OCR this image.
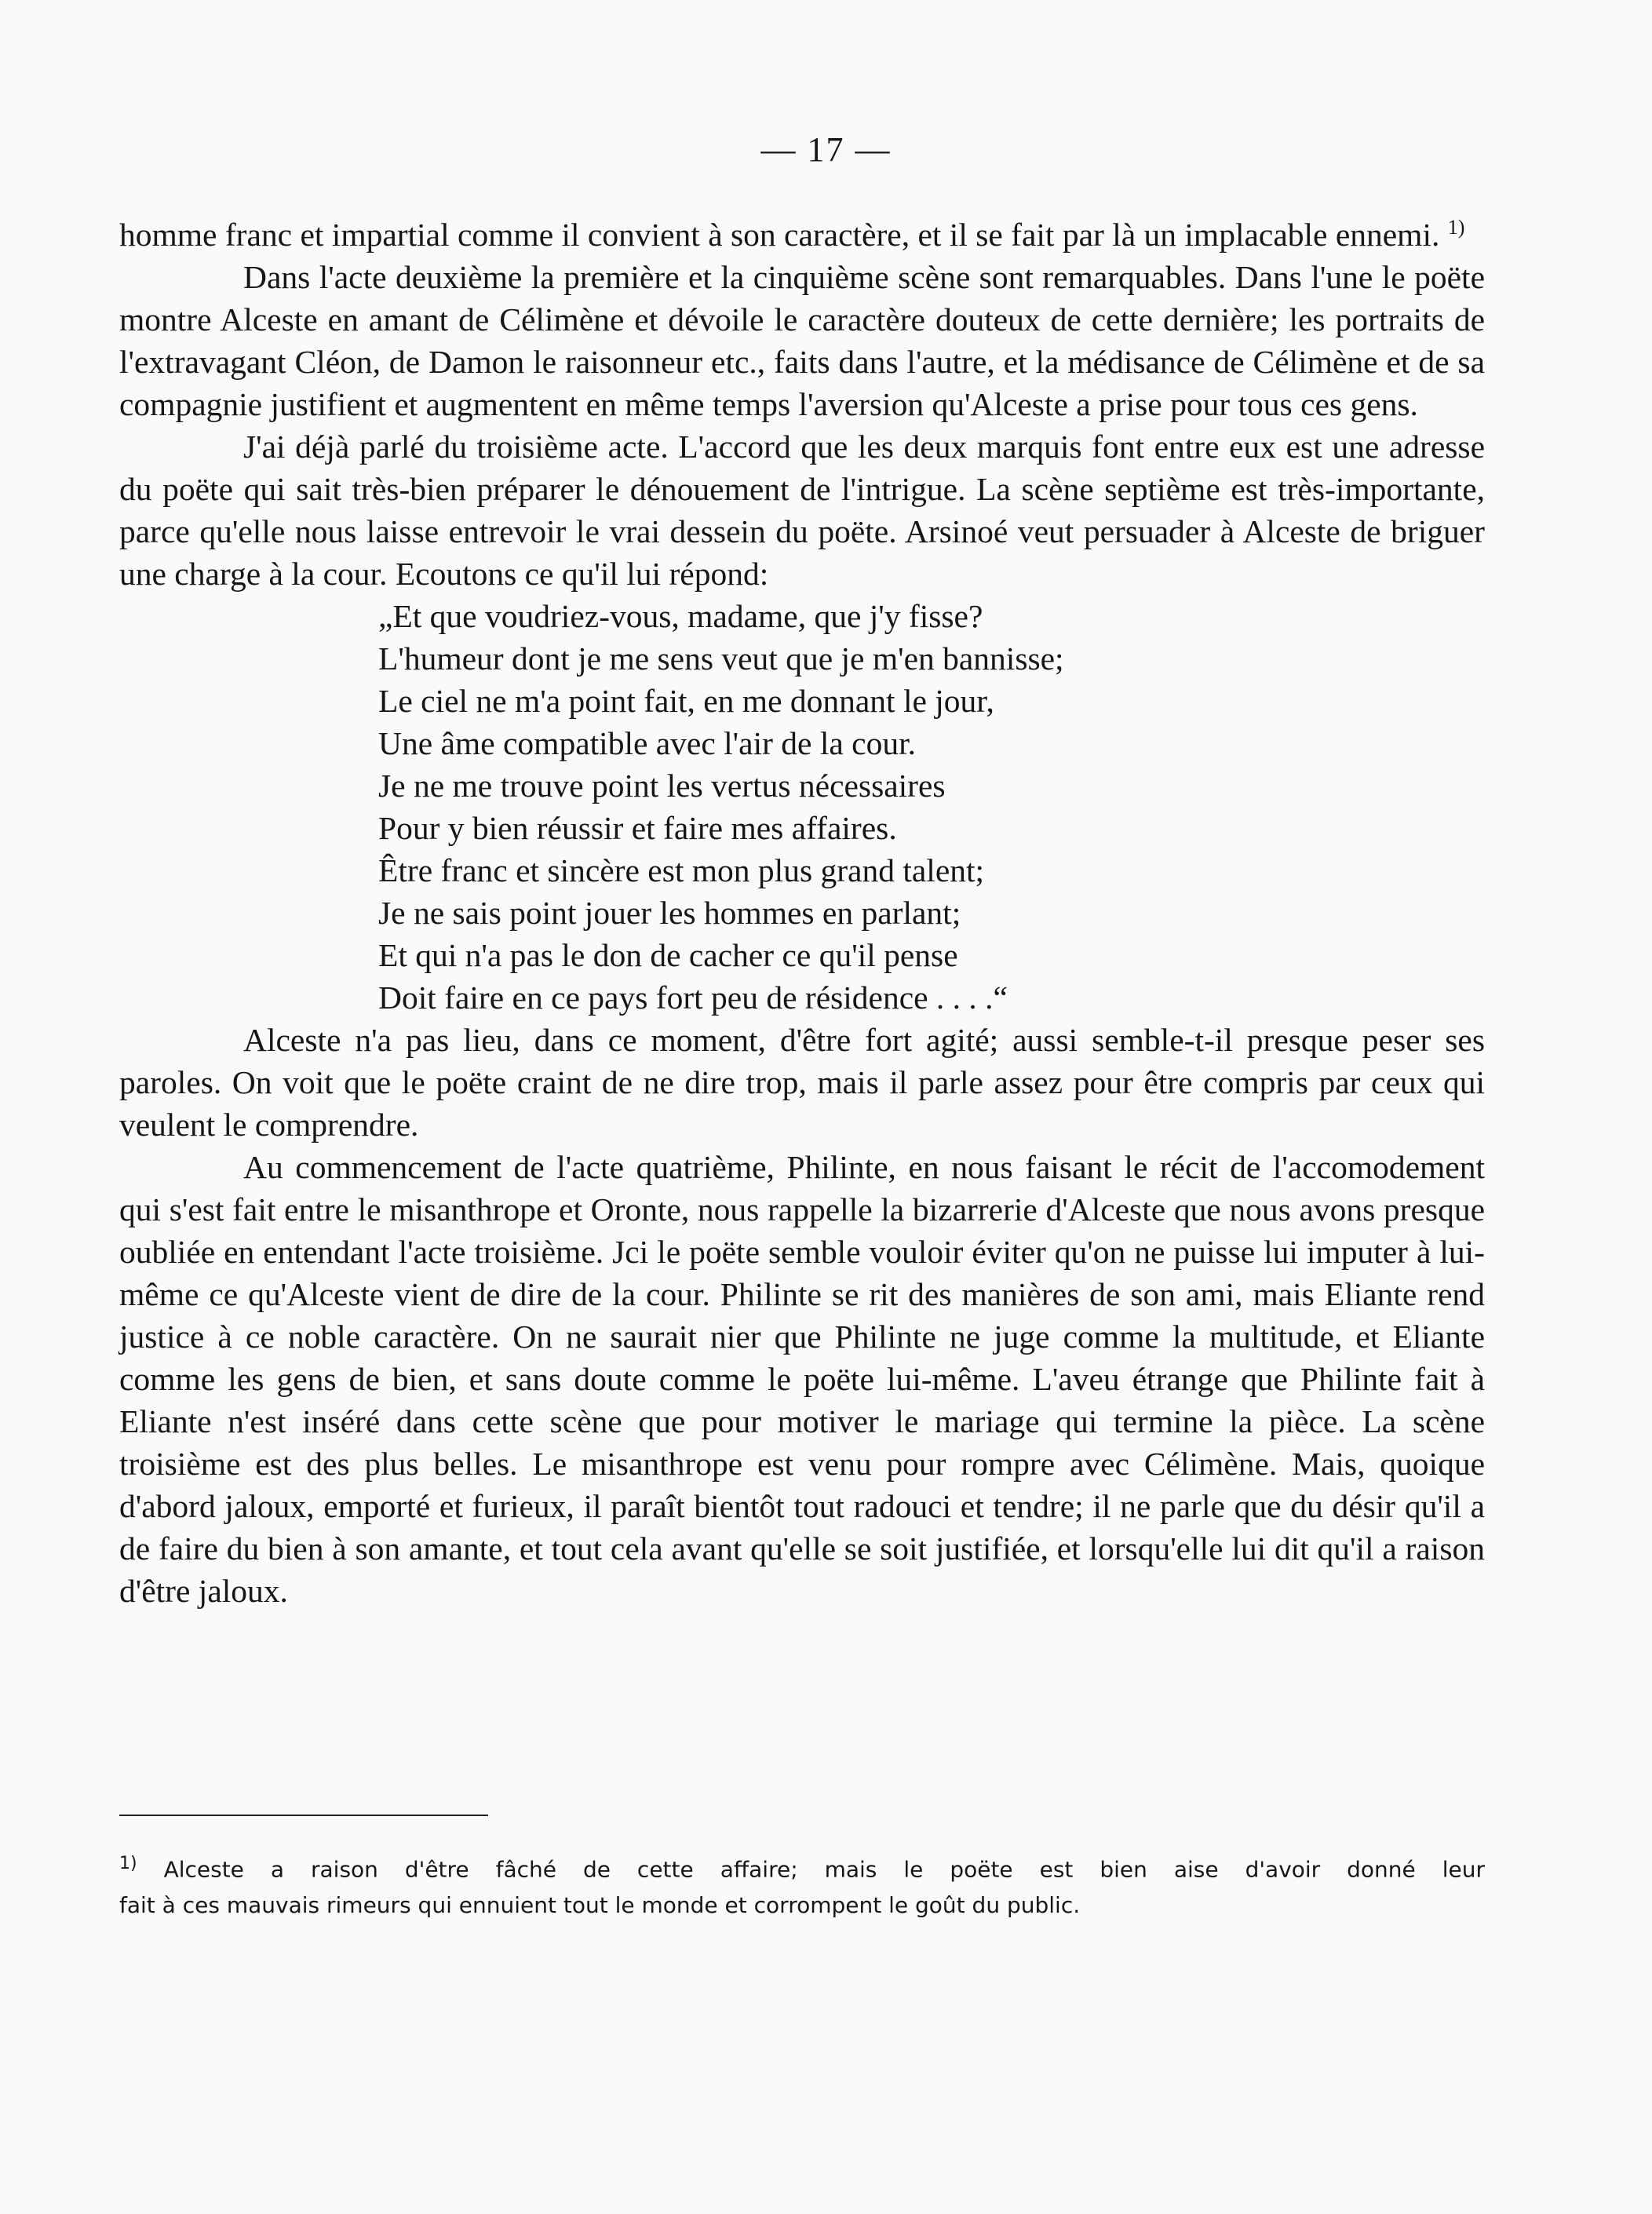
— 17 —

homme franc et impartial comme il convient à son caractère, et il se fait par là un implacable ennemi. $^{1)}$

Dans l'acte deuxième la première et la cinquième scène sont remarquables. Dans l'une le poëte montre Alceste en amant de Célimène et dévoile le caractère douteux de cette dernière; les portraits de l'extravagant Cléon, de Damon le raisonneur etc., faits dans l'autre, et la médisance de Célimène et de sa compagnie justifient et augmentent en même temps l'aversion qu'Alceste a prise pour tous ces gens.

J'ai déjà parlé du troisième acte. L'accord que les deux marquis font entre eux est une adresse du poëte qui sait très-bien préparer le dénouement de l'intrigue. La scène septième est très-importante, parce qu'elle nous laisse entrevoir le vrai dessein du poëte. Arsinoé veut persuader à Alceste de briguer une charge à la cour. Ecoutons ce qu'il lui répond:

„Et que voudriez-vous, madame, que j'y fisse?
L'humeur dont je me sens veut que je m'en bannisse;
Le ciel ne m'a point fait, en me donnant le jour,
Une âme compatible avec l'air de la cour.
Je ne me trouve point les vertus nécessaires
Pour y bien réussir et faire mes affaires.
Être franc et sincère est mon plus grand talent;
Je ne sais point jouer les hommes en parlant;
Et qui n'a pas le don de cacher ce qu'il pense
Doit faire en ce pays fort peu de résidence . . . .“

Alceste n'a pas lieu, dans ce moment, d'être fort agité; aussi semble-t-il presque peser ses paroles. On voit que le poëte craint de ne dire trop, mais il parle assez pour être compris par ceux qui veulent le comprendre.

Au commencement de l'acte quatrième, Philinte, en nous faisant le récit de l'accomodement qui s'est fait entre le misanthrope et Oronte, nous rappelle la bizarrerie d'Alceste que nous avons presque oubliée en entendant l'acte troisième. Jci le poëte semble vouloir éviter qu'on ne puisse lui imputer à lui-même ce qu'Alceste vient de dire de la cour. Philinte se rit des manières de son ami, mais Eliante rend justice à ce noble caractère. On ne saurait nier que Philinte ne juge comme la multitude, et Eliante comme les gens de bien, et sans doute comme le poëte lui-même. L'aveu étrange que Philinte fait à Eliante n'est inséré dans cette scène que pour motiver le mariage qui termine la pièce. La scène troisième est des plus belles. Le misanthrope est venu pour rompre avec Célimène. Mais, quoique d'abord jaloux, emporté et furieux, il paraît bientôt tout radouci et tendre; il ne parle que du désir qu'il a de faire du bien à son amante, et tout cela avant qu'elle se soit justifiée, et lorsqu'elle lui dit qu'il a raison d'être jaloux.

$^{1)}$ Alceste a raison d'être fâché de cette affaire; mais le poëte est bien aise d'avoir donné leur
fait à ces mauvais rimeurs qui ennuient tout le monde et corrompent le goût du public.
